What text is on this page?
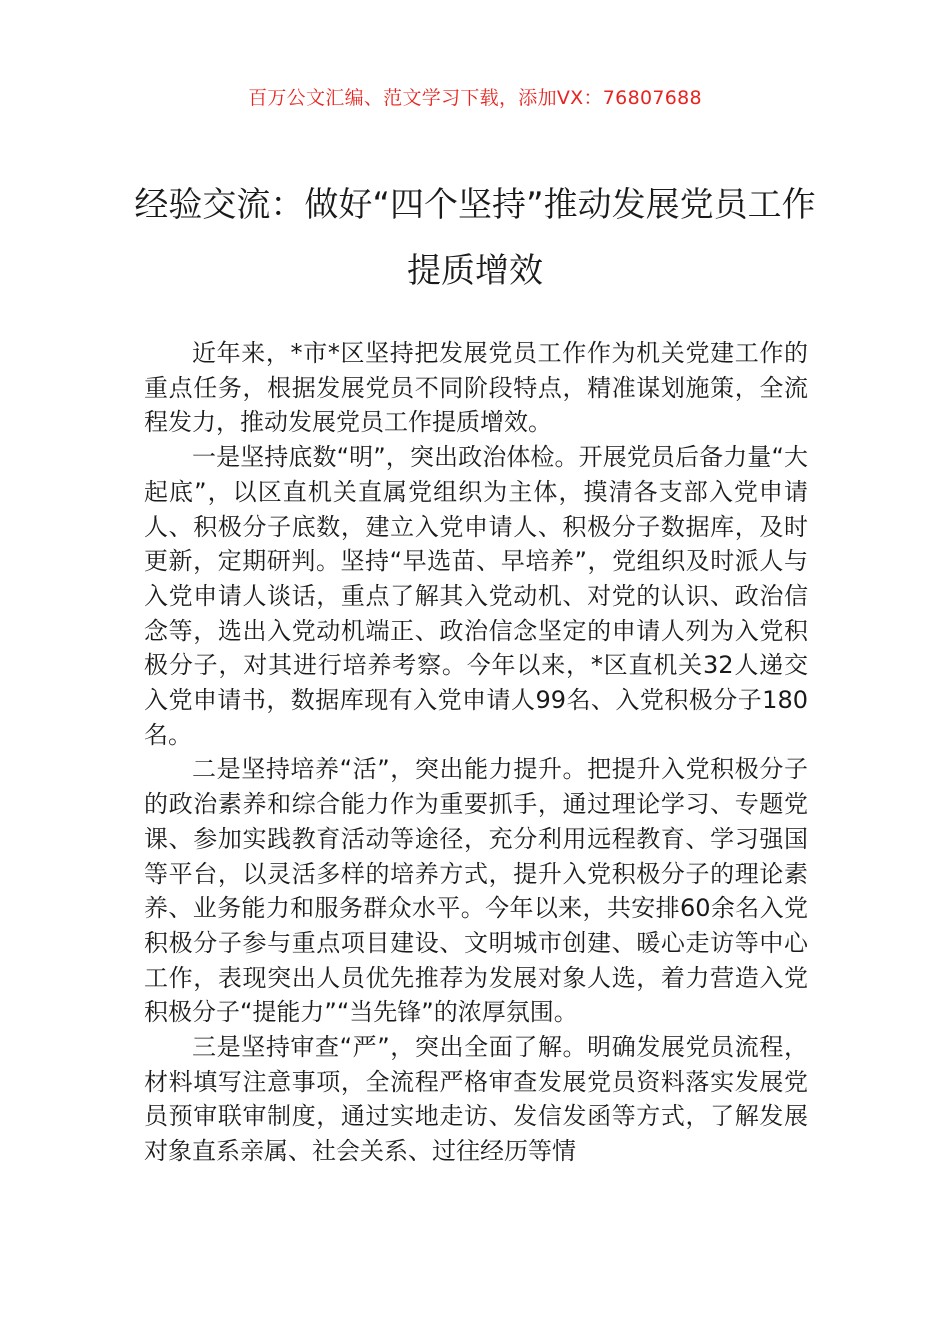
百万公文汇编、范文学习下载，添加VX：76807688
经验交流：做好“四个坚持”推动发展党员工作提质增效

近年来，*市*区坚持把发展党员工作作为机关党建工作的重点任务，根据发展党员不同阶段特点，精准谋划施策，全流程发力，推动发展党员工作提质增效。

一是坚持底数“明”，突出政治体检。开展党员后备力量“大起底”，以区直机关直属党组织为主体，摸清各支部入党申请人、积极分子底数，建立入党申请人、积极分子数据库，及时更新，定期研判。坚持“早选苗、早培养”，党组织及时派人与入党申请人谈话，重点了解其入党动机、对党的认识、政治信念等，选出入党动机端正、政治信念坚定的申请人列为入党积极分子，对其进行培养考察。今年以来，*区直机关32人递交入党申请书，数据库现有入党申请人99名、入党积极分子180名。

二是坚持培养“活”，突出能力提升。把提升入党积极分子的政治素养和综合能力作为重要抓手，通过理论学习、专题党课、参加实践教育活动等途径，充分利用远程教育、学习强国等平台，以灵活多样的培养方式，提升入党积极分子的理论素养、业务能力和服务群众水平。今年以来，共安排60余名入党积极分子参与重点项目建设、文明城市创建、暖心走访等中心工作，表现突出人员优先推荐为发展对象人选，着力营造入党积极分子“提能力”“当先锋”的浓厚氛围。

三是坚持审查“严”，突出全面了解。明确发展党员流程，材料填写注意事项，全流程严格审查发展党员资料落实发展党员预审联审制度，通过实地走访、发信发函等方式，了解发展对象直系亲属、社会关系、过往经历等情
